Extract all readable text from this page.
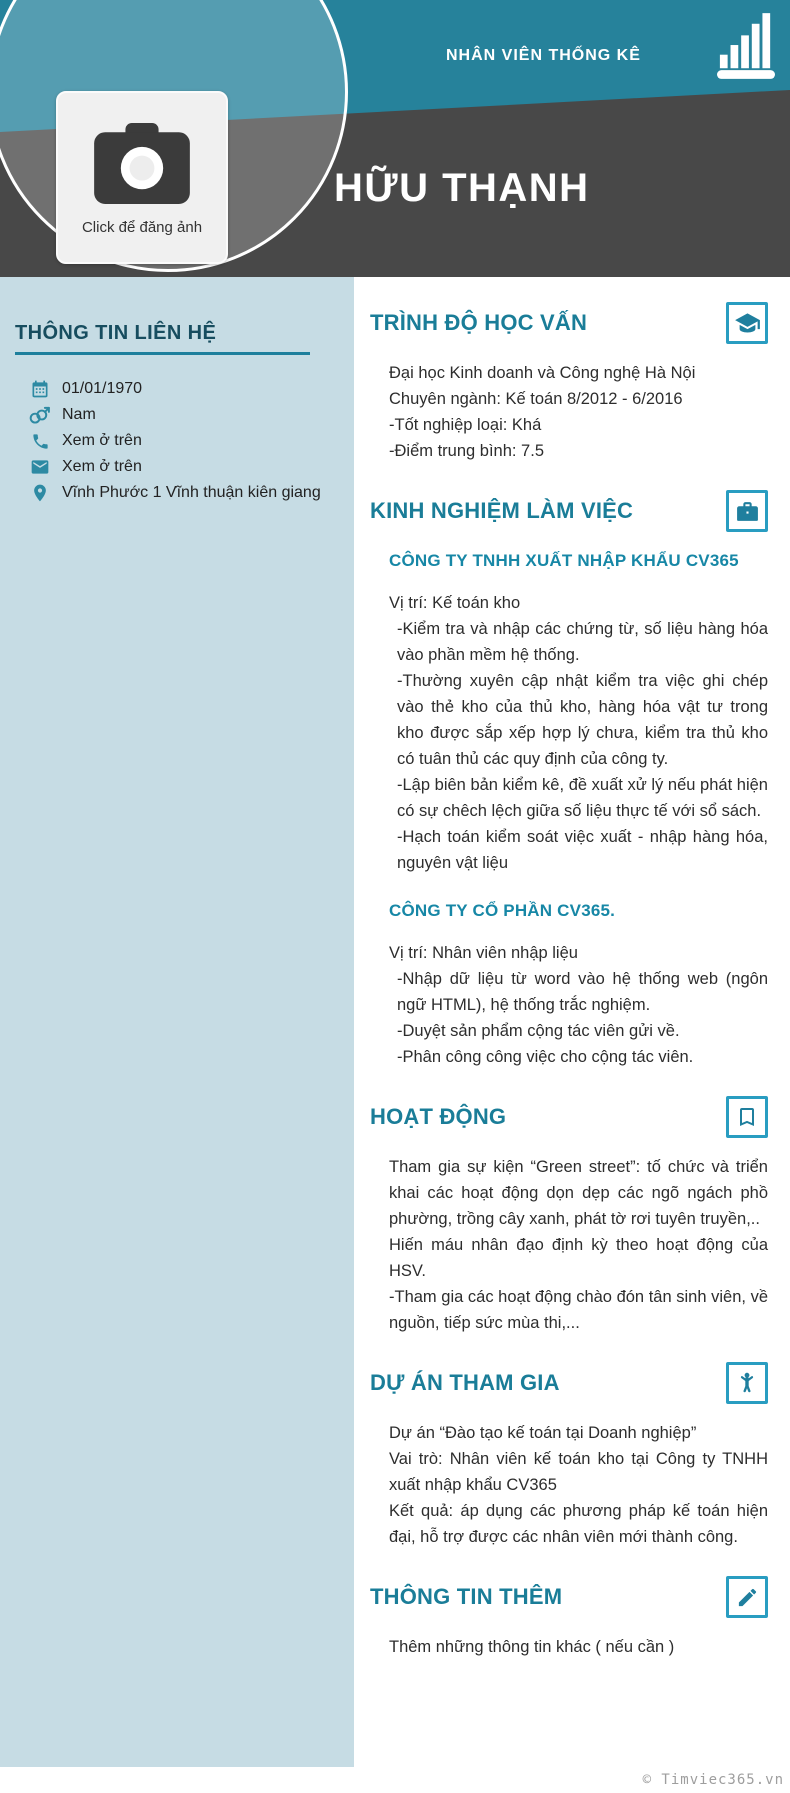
NHÂN VIÊN THỐNG KÊ
HỮU THẠNH
Click để đăng ảnh
THÔNG TIN LIÊN HỆ
01/01/1970
Nam
Xem ở trên
Xem ở trên
Vĩnh Phước 1 Vĩnh thuận kiên giang
TRÌNH ĐỘ HỌC VẤN

Đại học Kinh doanh và Công nghệ Hà Nội

Chuyên ngành: Kế toán 8/2012 - 6/2016

-Tốt nghiệp loại: Khá

-Điểm trung bình: 7.5

KINH NGHIỆM LÀM VIỆC
CÔNG TY TNHH XUẤT NHẬP KHẨU CV365

Vị trí: Kế toán kho

-Kiểm tra và nhập các chứng từ, số liệu hàng hóa vào phần mềm hệ thống.

-Thường xuyên cập nhật kiểm tra việc ghi chép vào thẻ kho của thủ kho, hàng hóa vật tư trong kho được sắp xếp hợp lý chưa, kiểm tra thủ kho có tuân thủ các quy định của công ty.

-Lập biên bản kiểm kê, đề xuất xử lý nếu phát hiện có sự chêch lệch giữa số liệu thực tế với sổ sách.

-Hạch toán kiểm soát việc xuất - nhập hàng hóa, nguyên vật liệu

CÔNG TY CỔ PHẦN CV365.

Vị trí: Nhân viên nhập liệu

-Nhập dữ liệu từ word vào hệ thống web (ngôn ngữ HTML), hệ thống trắc nghiệm.

-Duyệt sản phẩm cộng tác viên gửi về.

-Phân công công việc cho cộng tác viên.

HOẠT ĐỘNG

Tham gia sự kiện “Green street”: tố chức và triển khai các hoạt động dọn dẹp các ngõ ngách phồ phường, trồng cây xanh, phát tờ rơi tuyên truyền,..

Hiến máu nhân đạo định kỳ theo hoạt động của HSV.

-Tham gia các hoạt động chào đón tân sinh viên, về nguồn, tiếp sức mùa thi,...

DỰ ÁN THAM GIA

Dự án “Đào tạo kế toán tại Doanh nghiệp”

Vai trò: Nhân viên kế toán kho tại Công ty TNHH xuất nhập khẩu CV365

Kết quả: áp dụng các phương pháp kế toán hiện đại, hỗ trợ được các nhân viên mới thành công.

THÔNG TIN THÊM

Thêm những thông tin khác ( nếu cần )

© Timviec365.vn
